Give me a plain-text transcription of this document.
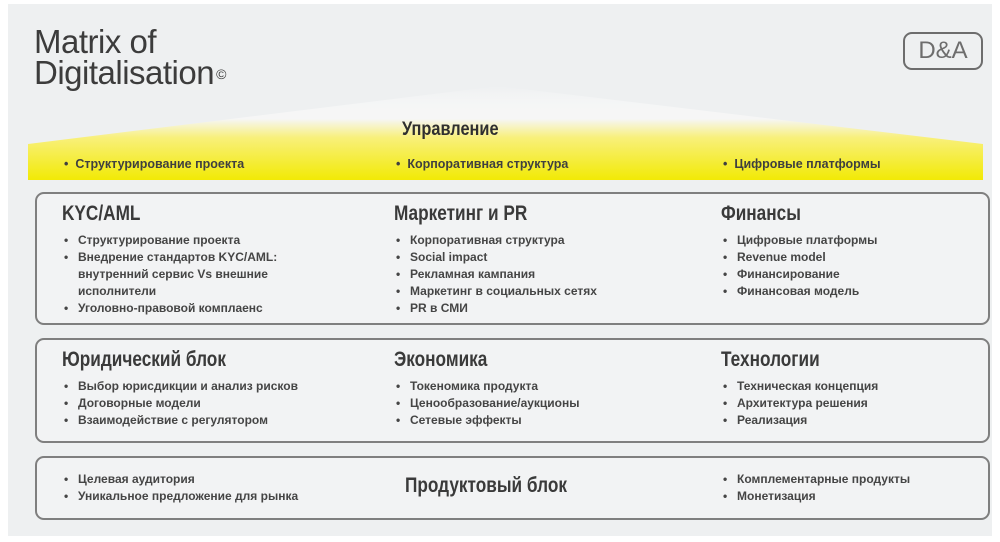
Matrix of
Digitalisation ©
D&A
Управление
•  Структурирование проекта	•  Корпоративная структура	•  Цифровые платформы
KYC/AML
• Структурирование проекта
• Внедрение стандартов KYC/AML: внутренний сервис Vs внешние исполнители
• Уголовно-правовой комплаенс
Маркетинг и PR
• Корпоративная структура
• Social impact
• Рекламная кампания
• Маркетинг в социальных сетях
• PR в СМИ
Финансы
• Цифровые платформы
• Revenue model
• Финансирование
• Финансовая модель
Юридический блок
• Выбор юрисдикции и анализ рисков
• Договорные модели
• Взаимодействие с регулятором
Экономика
• Токеномика продукта
• Ценообразование/аукционы
• Сетевые эффекты
Технологии
• Техническая концепция
• Архитектура решения
• Реализация
• Целевая аудитория
• Уникальное предложение для рынка	Продуктовый блок
•	Комплементарные продукты
• Монетизация
